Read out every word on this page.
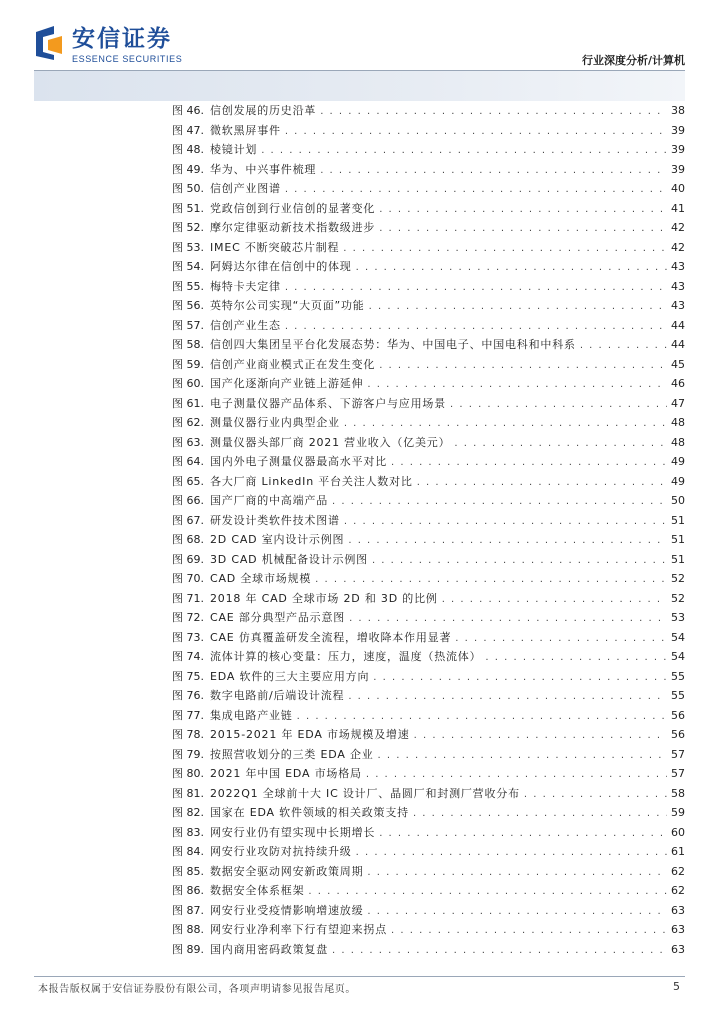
安信证券
ESSENCE SECURITIES	行业深度分析/计算机
图 46. 信创发展的历史沿革 . . .	38
图 47. 微软黑屏事件 . . .	39
图 48. 棱镜计划 . . .	39
图 49. 华为、中兴事件梳理 . . .	39
图 50. 信创产业图谱 . . .	40
图 51. 党政信创到行业信创的显著变化 . . .	41
图 52. 摩尔定律驱动新技术指数级进步 . . .	42
图 53. IMEC 不断突破芯片制程 . . .	42
图 54. 阿姆达尔律在信创中的体现 . . .	43
图 55. 梅特卡夫定律 . . .	43
图 56. 英特尔公司实现“大页面”功能 . . .	43
图 57. 信创产业生态 . . .	44
图 58. 信创四大集团呈平台化发展态势：华为、中国电子、中国电科和中科系 . . .	44
图 59. 信创产业商业模式正在发生变化 . . .	45
图 60. 国产化逐渐向产业链上游延伸 . . .	46
图 61. 电子测量仪器产品体系、下游客户与应用场景 . . .	47
图 62. 测量仪器行业内典型企业 . . .	48
图 63. 测量仪器头部厂商 2021 营业收入（亿美元） . . .	48
图 64. 国内外电子测量仪器最高水平对比 . . .	49
图 65. 各大厂商 LinkedIn 平台关注人数对比 . . .	49
图 66. 国产厂商的中高端产品 . . .	50
图 67. 研发设计类软件技术图谱 . . .	51
图 68. 2D CAD 室内设计示例图 . . .	51
图 69. 3D CAD 机械配备设计示例图 . . .	51
图 70. CAD 全球市场规模 . . .	52
图 71. 2018 年 CAD 全球市场 2D 和 3D 的比例 . . .	52
图 72. CAE 部分典型产品示意图 . . .	53
图 73. CAE 仿真覆盖研发全流程，增收降本作用显著 . . .	54
图 74. 流体计算的核心变量：压力，速度，温度（热流体） . . .	54
图 75. EDA 软件的三大主要应用方向 . . .	55
图 76. 数字电路前/后端设计流程 . . .	55
图 77. 集成电路产业链 . . .	56
图 78. 2015-2021 年 EDA 市场规模及增速 . . .	56
图 79. 按照营收划分的三类 EDA 企业 . . .	57
图 80. 2021 年中国 EDA 市场格局 . . .	57
图 81. 2022Q1 全球前十大 IC 设计厂、晶圆厂和封测厂营收分布 . . .	58
图 82. 国家在 EDA 软件领域的相关政策支持 . . .	59
图 83. 网安行业仍有望实现中长期增长 . . .	60
图 84. 网安行业攻防对抗持续升级 . . .	61
图 85. 数据安全驱动网安新政策周期 . . .	62
图 86. 数据安全体系框架 . . .	62
图 87. 网安行业受疫情影响增速放缓 . . .	63
图 88. 网安行业净利率下行有望迎来拐点 . . .	63
图 89. 国内商用密码政策复盘 . . .	63
本报告版权属于安信证券股份有限公司，各项声明请参见报告尾页。	5
